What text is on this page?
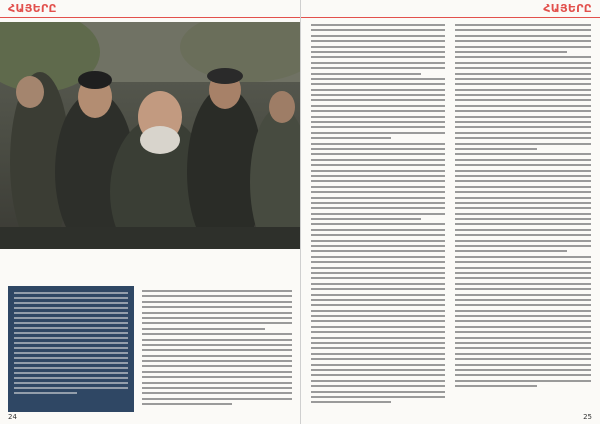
ՀԱՅԵՐԸ
24
ՀԱՅԵՐԸ
25
